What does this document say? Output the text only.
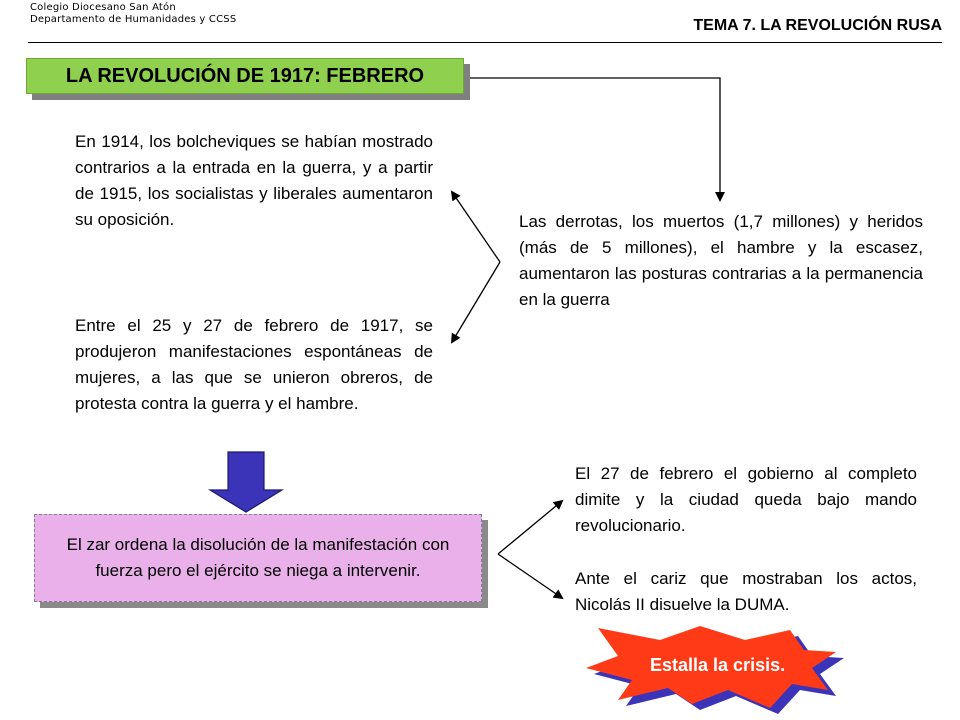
Colegio Diocesano San Atón
Departamento de Humanidades y CCSS	TEMA 7. LA REVOLUCIÓN RUSA
LA REVOLUCIÓN DE 1917: FEBRERO
En 1914, los bolcheviques se habían mostrado contrarios a la entrada en la guerra, y a partir de 1915, los socialistas y liberales aumentaron su oposición.
Entre el 25 y 27 de febrero de 1917, se produjeron manifestaciones espontáneas de mujeres, a las que se unieron obreros, de protesta contra la guerra y el hambre.
Las derrotas, los muertos (1,7 millones) y heridos (más de 5 millones), el hambre y la escasez, aumentaron las posturas contrarias a la permanencia en la guerra
El zar ordena la disolución de la manifestación con fuerza pero el ejército se niega a intervenir.
El 27 de febrero el gobierno al completo dimite y la ciudad queda bajo mando revolucionario.
Ante el cariz que mostraban los actos, Nicolás II disuelve la DUMA.
Estalla la crisis.
